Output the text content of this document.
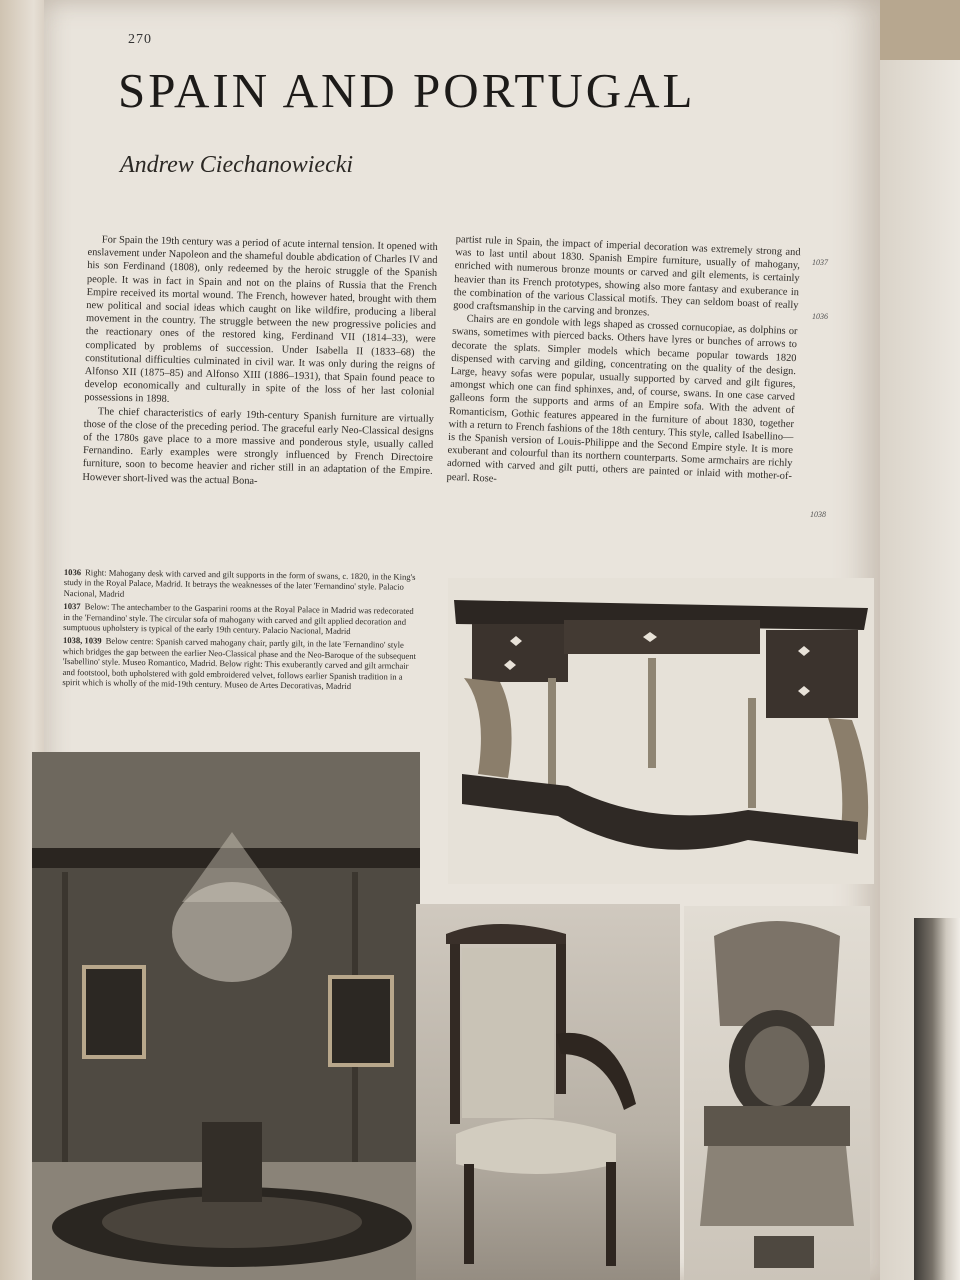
270
SPAIN AND PORTUGAL
Andrew Ciechanowiecki

For Spain the 19th century was a period of acute internal tension. It opened with enslavement under Napoleon and the shameful double abdication of Charles IV and his son Ferdinand (1808), only redeemed by the heroic struggle of the Spanish people. It was in fact in Spain and not on the plains of Russia that the French Empire received its mortal wound. The French, however hated, brought with them new political and social ideas which caught on like wildfire, producing a liberal movement in the country. The struggle between the new progressive policies and the reactionary ones of the restored king, Ferdinand VII (1814–33), were complicated by problems of succession. Under Isabella II (1833–68) the constitutional difficulties culminated in civil war. It was only during the reigns of Alfonso XII (1875–85) and Alfonso XIII (1886–1931), that Spain found peace to develop economically and culturally in spite of the loss of her last colonial possessions in 1898.

The chief characteristics of early 19th-century Spanish furniture are virtually those of the close of the preceding period. The graceful early Neo-Classical designs of the 1780s gave place to a more massive and ponderous style, usually called Fernandino. Early examples were strongly influenced by French Directoire furniture, soon to become heavier and richer still in an adaptation of the Empire. However short-lived was the actual Bona-

partist rule in Spain, the impact of imperial decoration was extremely strong and was to last until about 1830. Spanish Empire furniture, usually of mahogany, enriched with numerous bronze mounts or carved and gilt elements, is certainly heavier than its French prototypes, showing also more fantasy and exuberance in the combination of the various Classical motifs. They can seldom boast of really good craftsmanship in the carving and bronzes.

Chairs are en gondole with legs shaped as crossed cornucopiae, as dolphins or swans, sometimes with pierced backs. Others have lyres or bunches of arrows to decorate the splats. Simpler models which became popular towards 1820 dispensed with carving and gilding, concentrating on the quality of the design. Large, heavy sofas were popular, usually supported by carved and gilt figures, amongst which one can find sphinxes, and, of course, swans. In one case carved galleons form the supports and arms of an Empire sofa. With the advent of Romanticism, Gothic features appeared in the furniture of about 1830, together with a return to French fashions of the 18th century. This style, called Isabellino—is the Spanish version of Louis-Philippe and the Second Empire style. It is more exuberant and colourful than its northern counterparts. Some armchairs are richly adorned with carved and gilt putti, others are painted or inlaid with mother-of-pearl. Rose-

1037
1036
1038
1036 Right: Mahogany desk with carved and gilt supports in the form of swans, c. 1820, in the King's study in the Royal Palace, Madrid. It betrays the weaknesses of the later 'Fernandino' style. Palacio Nacional, Madrid
1037 Below: The antechamber to the Gasparini rooms at the Royal Palace in Madrid was redecorated in the 'Fernandino' style. The circular sofa of mahogany with carved and gilt applied decoration and sumptuous upholstery is typical of the early 19th century. Palacio Nacional, Madrid
1038, 1039 Below centre: Spanish carved mahogany chair, partly gilt, in the late 'Fernandino' style which bridges the gap between the earlier Neo-Classical phase and the Neo-Baroque of the subsequent 'Isabellino' style. Museo Romantico, Madrid. Below right: This exuberantly carved and gilt armchair and footstool, both upholstered with gold embroidered velvet, follows earlier Spanish tradition in a spirit which is wholly of the mid-19th century. Museo de Artes Decorativas, Madrid
